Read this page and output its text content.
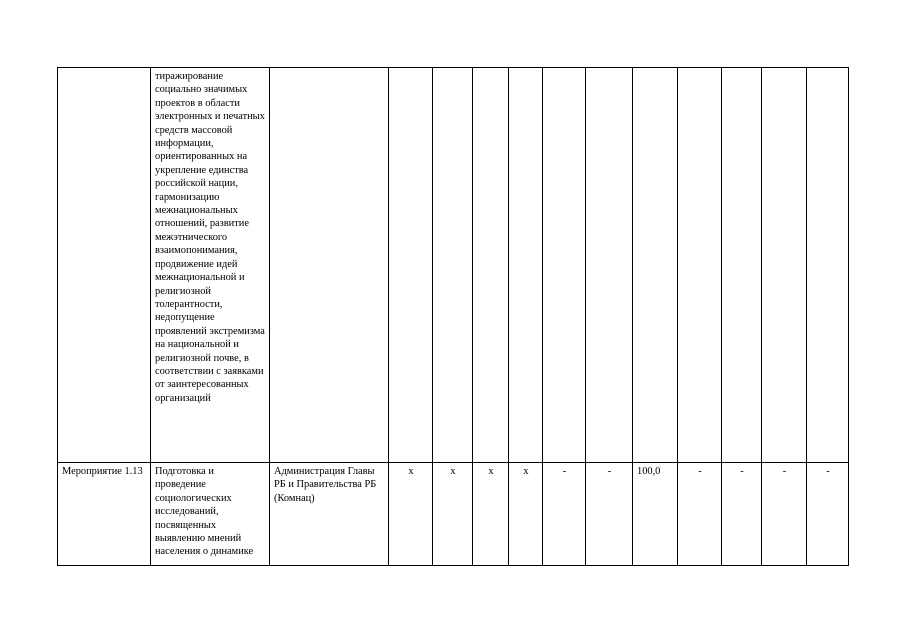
	тиражирование социально значимых проектов в области электронных и печатных средств массовой информации, ориентированных на укрепление единства российской нации, гармонизацию межнациональных отношений, развитие межэтнического взаимопонимания, продвижение идей межнациональной и религиозной толерантности, недопущение проявлений экстремизма на национальной и религиозной почве, в соответствии с заявками от заинтересованных организаций												
Мероприятие 1.13	Подготовка и проведение социологических исследований, посвященных выявлению мнений населения о динамике	Администрация Главы РБ и Правительства РБ (Комнац)	x	x	x	x	-	-	100,0	-	-	-	-
